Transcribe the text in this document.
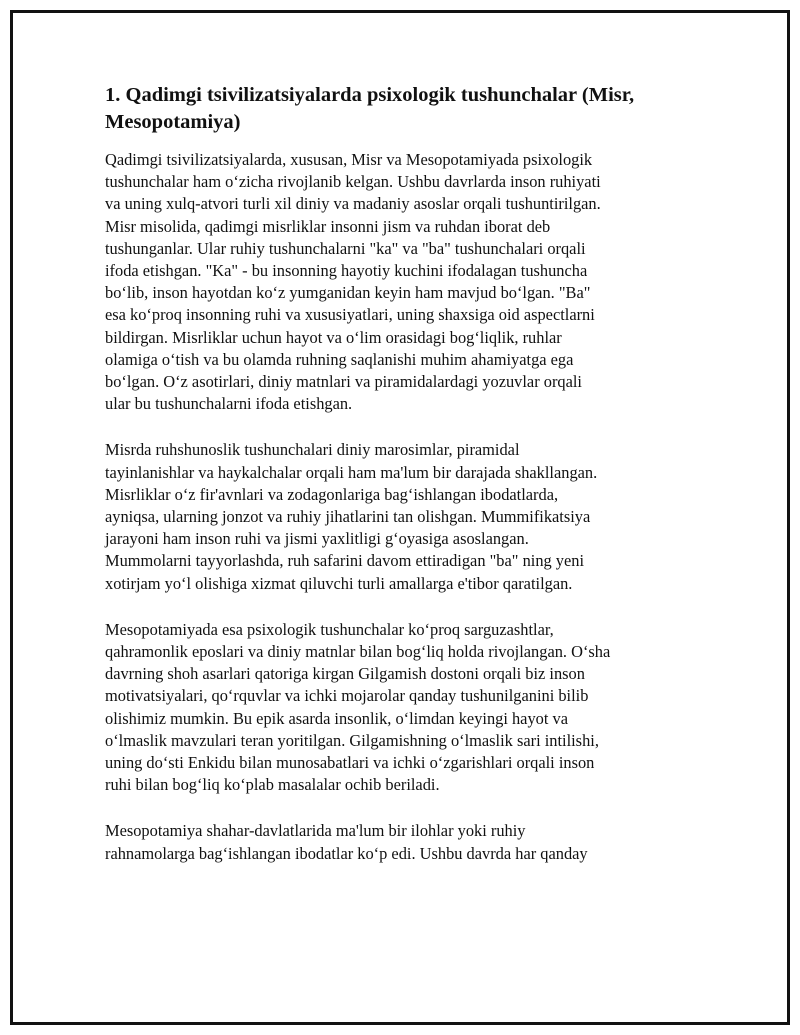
1. Qadimgi tsivilizatsiyalarda psixologik tushunchalar (Misr,
Mesopotamiya)

Qadimgi tsivilizatsiyalarda, xususan, Misr va Mesopotamiyada psixologik
tushunchalar ham o‘zicha rivojlanib kelgan. Ushbu davrlarda inson ruhiyati
va uning xulq-atvori turli xil diniy va madaniy asoslar orqali tushuntirilgan.
Misr misolida, qadimgi misrliklar insonni jism va ruhdan iborat deb
tushunganlar. Ular ruhiy tushunchalarni "ka" va "ba" tushunchalari orqali
ifoda etishgan. "Ka" - bu insonning hayotiy kuchini ifodalagan tushuncha
bo‘lib, inson hayotdan ko‘z yumganidan keyin ham mavjud bo‘lgan. "Ba"
esa ko‘proq insonning ruhi va xususiyatlari, uning shaxsiga oid aspectlarni
bildirgan. Misrliklar uchun hayot va o‘lim orasidagi bog‘liqlik, ruhlar
olamiga o‘tish va bu olamda ruhning saqlanishi muhim ahamiyatga ega
bo‘lgan. O‘z asotirlari, diniy matnlari va piramidalardagi yozuvlar orqali
ular bu tushunchalarni ifoda etishgan.

Misrda ruhshunoslik tushunchalari diniy marosimlar, piramidal
tayinlanishlar va haykalchalar orqali ham ma'lum bir darajada shakllangan.
Misrliklar o‘z fir'avnlari va zodagonlariga bag‘ishlangan ibodatlarda,
ayniqsa, ularning jonzot va ruhiy jihatlarini tan olishgan. Mummifikatsiya
jarayoni ham inson ruhi va jismi yaxlitligi g‘oyasiga asoslangan.
Mummolarni tayyorlashda, ruh safarini davom ettiradigan "ba" ning yeni
xotirjam yo‘l olishiga xizmat qiluvchi turli amallarga e'tibor qaratilgan.

Mesopotamiyada esa psixologik tushunchalar ko‘proq sarguzashtlar,
qahramonlik eposlari va diniy matnlar bilan bog‘liq holda rivojlangan. O‘sha
davrning shoh asarlari qatoriga kirgan Gilgamish dostoni orqali biz inson
motivatsiyalari, qo‘rquvlar va ichki mojarolar qanday tushunilganini bilib
olishimiz mumkin. Bu epik asarda insonlik, o‘limdan keyingi hayot va
o‘lmaslik mavzulari teran yoritilgan. Gilgamishning o‘lmaslik sari intilishi,
uning do‘sti Enkidu bilan munosabatlari va ichki o‘zgarishlari orqali inson
ruhi bilan bog‘liq ko‘plab masalalar ochib beriladi.

Mesopotamiya shahar-davlatlarida ma'lum bir ilohlar yoki ruhiy
rahnamolarga bag‘ishlangan ibodatlar ko‘p edi. Ushbu davrda har qanday
